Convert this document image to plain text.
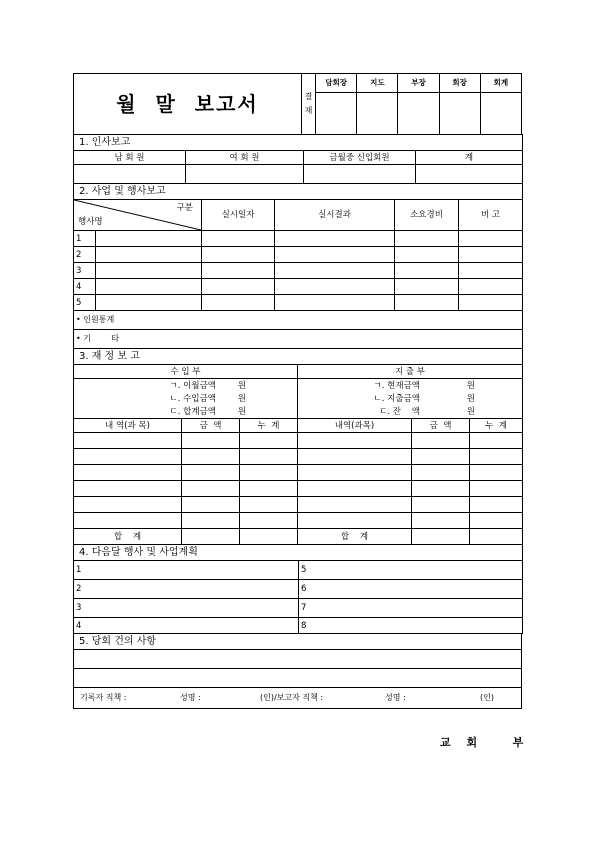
월  말  보고서	결
재	담회장	지도	부장	회장	회계

1. 인사보고			
남 회 원	여 회 원	금월중 신입회원	계

2. 사업 및 행사보고					

구분
행사명		실시일자	실시결과	소요경비	비 고
1					
2					
3					
4					
5					
• 인원통계					
• 기        타					
3. 재 정 보 고					
수 입 부			지 출 부		
ㄱ. 이월금액 원			ㄱ. 현재금액 원		
ㄴ. 수입금액 원			ㄴ. 지출금액 원		
ㄷ. 합계금액 원			ㄷ. 잔    액 원		
내 역(과 목)	금  액	누  계	내역(과목)	금  액	누  계

합    계			합    계		
4. 다음달 행사 및 사업계획	
1	5
2	6
3	7
4	8
5. 당회 건의 사항

기록자 직책 :	성명 :	(인)/보고자 직책 :	성명 :	(인)
교 회   부
